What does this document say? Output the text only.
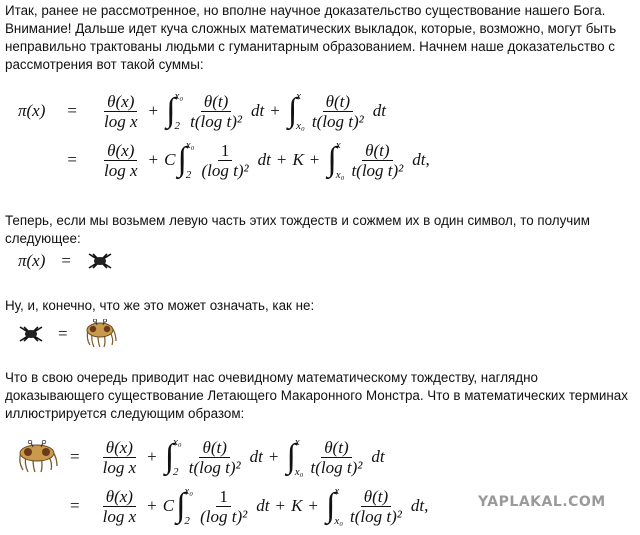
Итак, ранее не рассмотренное, но вполне научное доказательство существование нашего Бога. Внимание! Дальше идет куча сложных математических выкладок, которые, возможно, могут быть неправильно трактованы людьми с гуманитарным образованием. Начнем наше доказательство с рассмотрения вот такой суммы:
$\pi(x) = \frac{\theta(x)}{\text{log x}}$ + ∫ x₀
$2 \frac{\theta(t)}{\text{t(log t)²}}$ dt + ∫ x
$x_0 \frac{\theta(t)}{\text{t(log t)²}}$ dt
= $\frac{\theta(x)}{\text{log x}} + C$ ∫ x₀
$2 \frac{1}{\text{(log t)²}}$ dt + K + ∫ x
$x_0 \frac{\theta(t)}{\text{t(log t)²}}$ dt ,
Теперь, если мы возьмем левую часть этих тождеств и сожмем их в один символ, то получим следующее:
π(x) =
Ну, и, конечно, что же это может означать, как не:
=
Что в свою очередь приводит нас очевидному математическому тождеству, наглядно доказывающего существование Летающего Макаронного Монстра. Что в математических терминах иллюстрируется следующим образом:
= $\frac{\theta(x)}{\text{log x}}$ + ∫ x₀
$2 \frac{\theta(t)}{\text{t(log t)²}}$ dt + ∫ x
$x_0 \frac{\theta(t)}{\text{t(log t)²}}$ dt
= $\frac{\theta(x)}{\text{log x}} + C$ ∫ x₀
$2 \frac{1}{\text{(log t)²}}$ dt + K + ∫ x
$x_0 \frac{\theta(t)}{\text{t(log t)²}}$ dt ,	YAPLAKAL.COM
